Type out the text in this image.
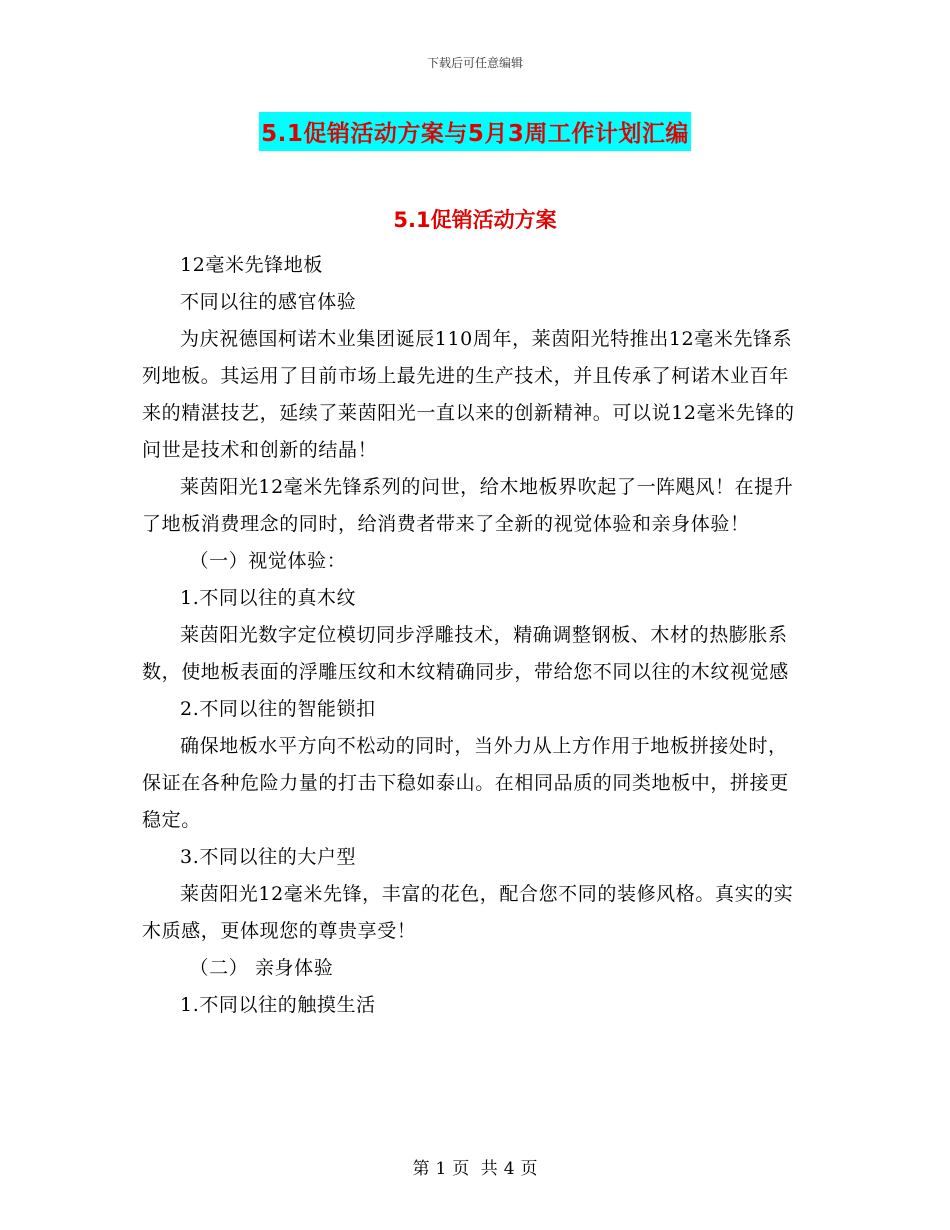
下载后可任意编辑
5.1促销活动方案与5月3周工作计划汇编
5.1促销活动方案

12毫米先锋地板

不同以往的感官体验

为庆祝德国柯诺木业集团诞辰110周年，莱茵阳光特推出12毫米先锋系列地板。其运用了目前市场上最先进的生产技术，并且传承了柯诺木业百年来的精湛技艺，延续了莱茵阳光一直以来的创新精神。可以说12毫米先锋的问世是技术和创新的结晶！

莱茵阳光12毫米先锋系列的问世，给木地板界吹起了一阵飓风！在提升了地板消费理念的同时，给消费者带来了全新的视觉体验和亲身体验！

（一）视觉体验：

1.不同以往的真木纹

莱茵阳光数字定位模切同步浮雕技术，精确调整钢板、木材的热膨胀系数，使地板表面的浮雕压纹和木纹精确同步，带给您不同以往的木纹视觉感

2.不同以往的智能锁扣

确保地板水平方向不松动的同时，当外力从上方作用于地板拼接处时，保证在各种危险力量的打击下稳如泰山。在相同品质的同类地板中，拼接更稳定。

3.不同以往的大户型

莱茵阳光12毫米先锋，丰富的花色，配合您不同的装修风格。真实的实木质感，更体现您的尊贵享受！

（二） 亲身体验

1.不同以往的触摸生活

第 1 页 共 4 页
